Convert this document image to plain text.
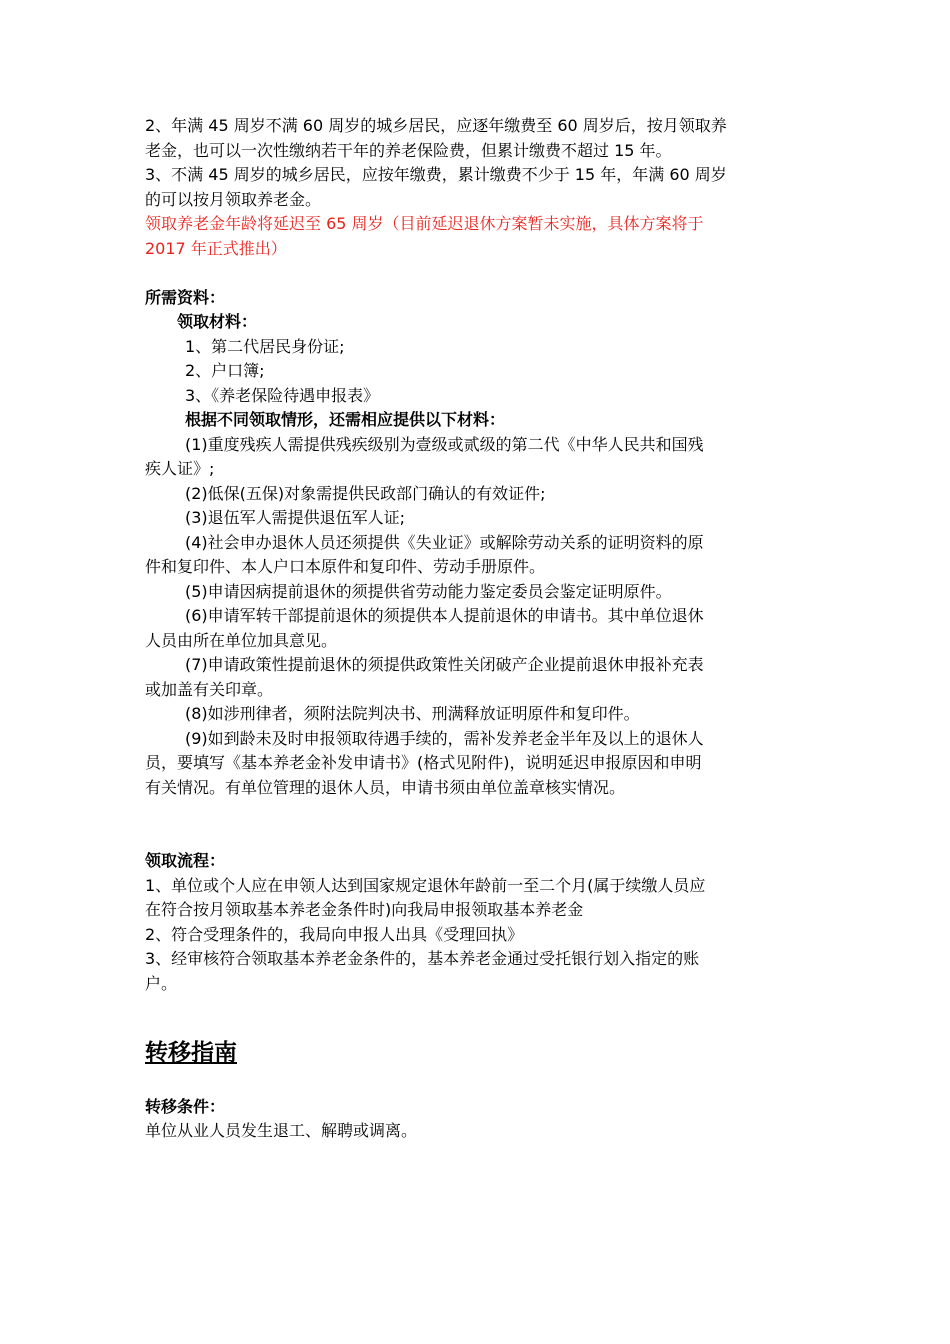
2、年满 45 周岁不满 60 周岁的城乡居民，应逐年缴费至 60 周岁后，按月领取养
老金，也可以一次性缴纳若干年的养老保险费，但累计缴费不超过 15 年。
3、不满 45 周岁的城乡居民，应按年缴费，累计缴费不少于 15 年，年满 60 周岁
的可以按月领取养老金。
领取养老金年龄将延迟至 65 周岁（目前延迟退休方案暂未实施，具体方案将于
2017 年正式推出）
所需资料：
领取材料：
1、第二代居民身份证;
2、户口簿;
3、《养老保险待遇申报表》
根据不同领取情形，还需相应提供以下材料：
(1)重度残疾人需提供残疾级别为壹级或贰级的第二代《中华人民共和国残
疾人证》;
(2)低保(五保)对象需提供民政部门确认的有效证件;
(3)退伍军人需提供退伍军人证;
(4)社会申办退休人员还须提供《失业证》或解除劳动关系的证明资料的原
件和复印件、本人户口本原件和复印件、劳动手册原件。
(5)申请因病提前退休的须提供省劳动能力鉴定委员会鉴定证明原件。
(6)申请军转干部提前退休的须提供本人提前退休的申请书。其中单位退休
人员由所在单位加具意见。
(7)申请政策性提前退休的须提供政策性关闭破产企业提前退休申报补充表
或加盖有关印章。
(8)如涉刑律者，须附法院判决书、刑满释放证明原件和复印件。
(9)如到龄未及时申报领取待遇手续的，需补发养老金半年及以上的退休人
员，要填写《基本养老金补发申请书》(格式见附件)，说明延迟申报原因和申明
有关情况。有单位管理的退休人员，申请书须由单位盖章核实情况。
领取流程：
1、单位或个人应在申领人达到国家规定退休年龄前一至二个月(属于续缴人员应
在符合按月领取基本养老金条件时)向我局申报领取基本养老金
2、符合受理条件的，我局向申报人出具《受理回执》
3、经审核符合领取基本养老金条件的，基本养老金通过受托银行划入指定的账
户。
转移指南
转移条件：
单位从业人员发生退工、解聘或调离。
